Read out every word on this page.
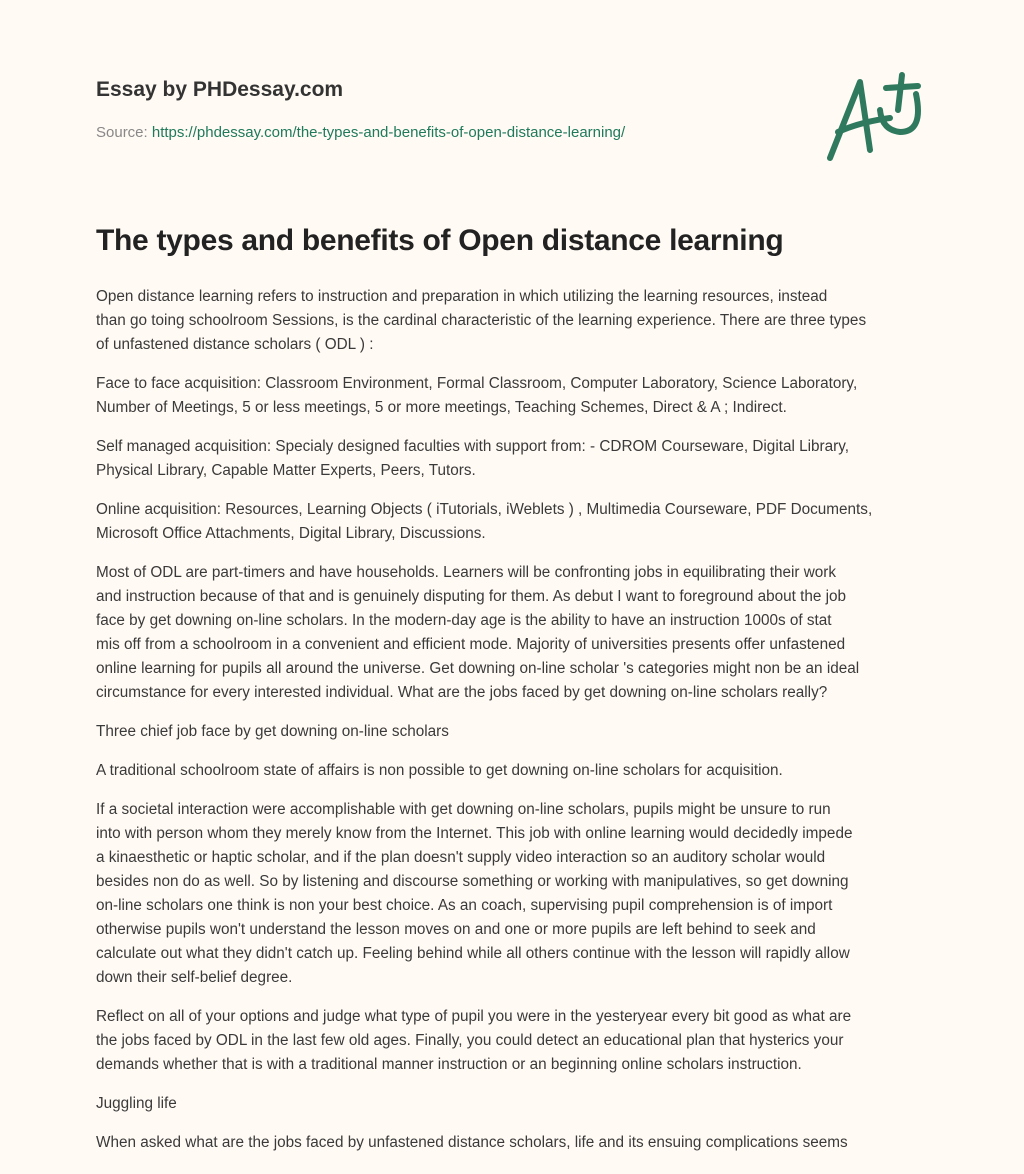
Essay by PHDessay.com
Source: https://phdessay.com/the-types-and-benefits-of-open-distance-learning/
The types and benefits of Open distance learning

Open distance learning refers to instruction and preparation in which utilizing the learning resources, instead
than go toing schoolroom Sessions, is the cardinal characteristic of the learning experience. There are three types
of unfastened distance scholars ( ODL ) :

Face to face acquisition: Classroom Environment, Formal Classroom, Computer Laboratory, Science Laboratory,
Number of Meetings, 5 or less meetings, 5 or more meetings, Teaching Schemes, Direct & A ; Indirect.

Self managed acquisition: Specialy designed faculties with support from: - CDROM Courseware, Digital Library,
Physical Library, Capable Matter Experts, Peers, Tutors.

Online acquisition: Resources, Learning Objects ( iTutorials, iWeblets ) , Multimedia Courseware, PDF Documents,
Microsoft Office Attachments, Digital Library, Discussions.

Most of ODL are part-timers and have households. Learners will be confronting jobs in equilibrating their work
and instruction because of that and is genuinely disputing for them. As debut I want to foreground about the job
face by get downing on-line scholars. In the modern-day age is the ability to have an instruction 1000s of stat
mis off from a schoolroom in a convenient and efficient mode. Majority of universities presents offer unfastened
online learning for pupils all around the universe. Get downing on-line scholar 's categories might non be an ideal
circumstance for every interested individual. What are the jobs faced by get downing on-line scholars really?

Three chief job face by get downing on-line scholars

A traditional schoolroom state of affairs is non possible to get downing on-line scholars for acquisition.

If a societal interaction were accomplishable with get downing on-line scholars, pupils might be unsure to run
into with person whom they merely know from the Internet. This job with online learning would decidedly impede
a kinaesthetic or haptic scholar, and if the plan doesn't supply video interaction so an auditory scholar would
besides non do as well. So by listening and discourse something or working with manipulatives, so get downing
on-line scholars one think is non your best choice. As an coach, supervising pupil comprehension is of import
otherwise pupils won't understand the lesson moves on and one or more pupils are left behind to seek and
calculate out what they didn't catch up. Feeling behind while all others continue with the lesson will rapidly allow
down their self-belief degree.

Reflect on all of your options and judge what type of pupil you were in the yesteryear every bit good as what are
the jobs faced by ODL in the last few old ages. Finally, you could detect an educational plan that hysterics your
demands whether that is with a traditional manner instruction or an beginning online scholars instruction.

Juggling life

When asked what are the jobs faced by unfastened distance scholars, life and its ensuing complications seems
